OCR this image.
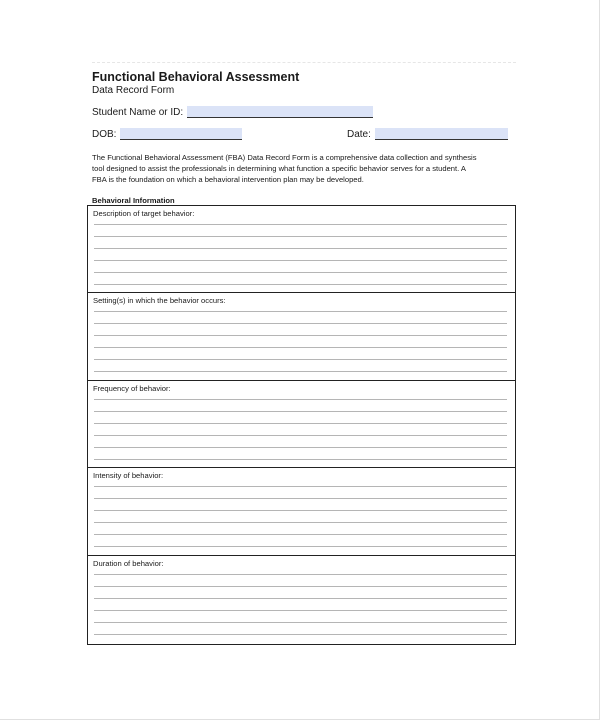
Functional Behavioral Assessment
Data Record Form
Student Name or ID:
DOB:	Date:
The Functional Behavioral Assessment (FBA) Data Record Form is a comprehensive data collection and synthesis
tool designed to assist the professionals in determining what function a specific behavior serves for a student. A
FBA is the foundation on which a behavioral intervention plan may be developed.
Behavioral Information
Description of target behavior:
Setting(s) in which the behavior occurs:
Frequency of behavior:
Intensity of behavior:
Duration of behavior:
